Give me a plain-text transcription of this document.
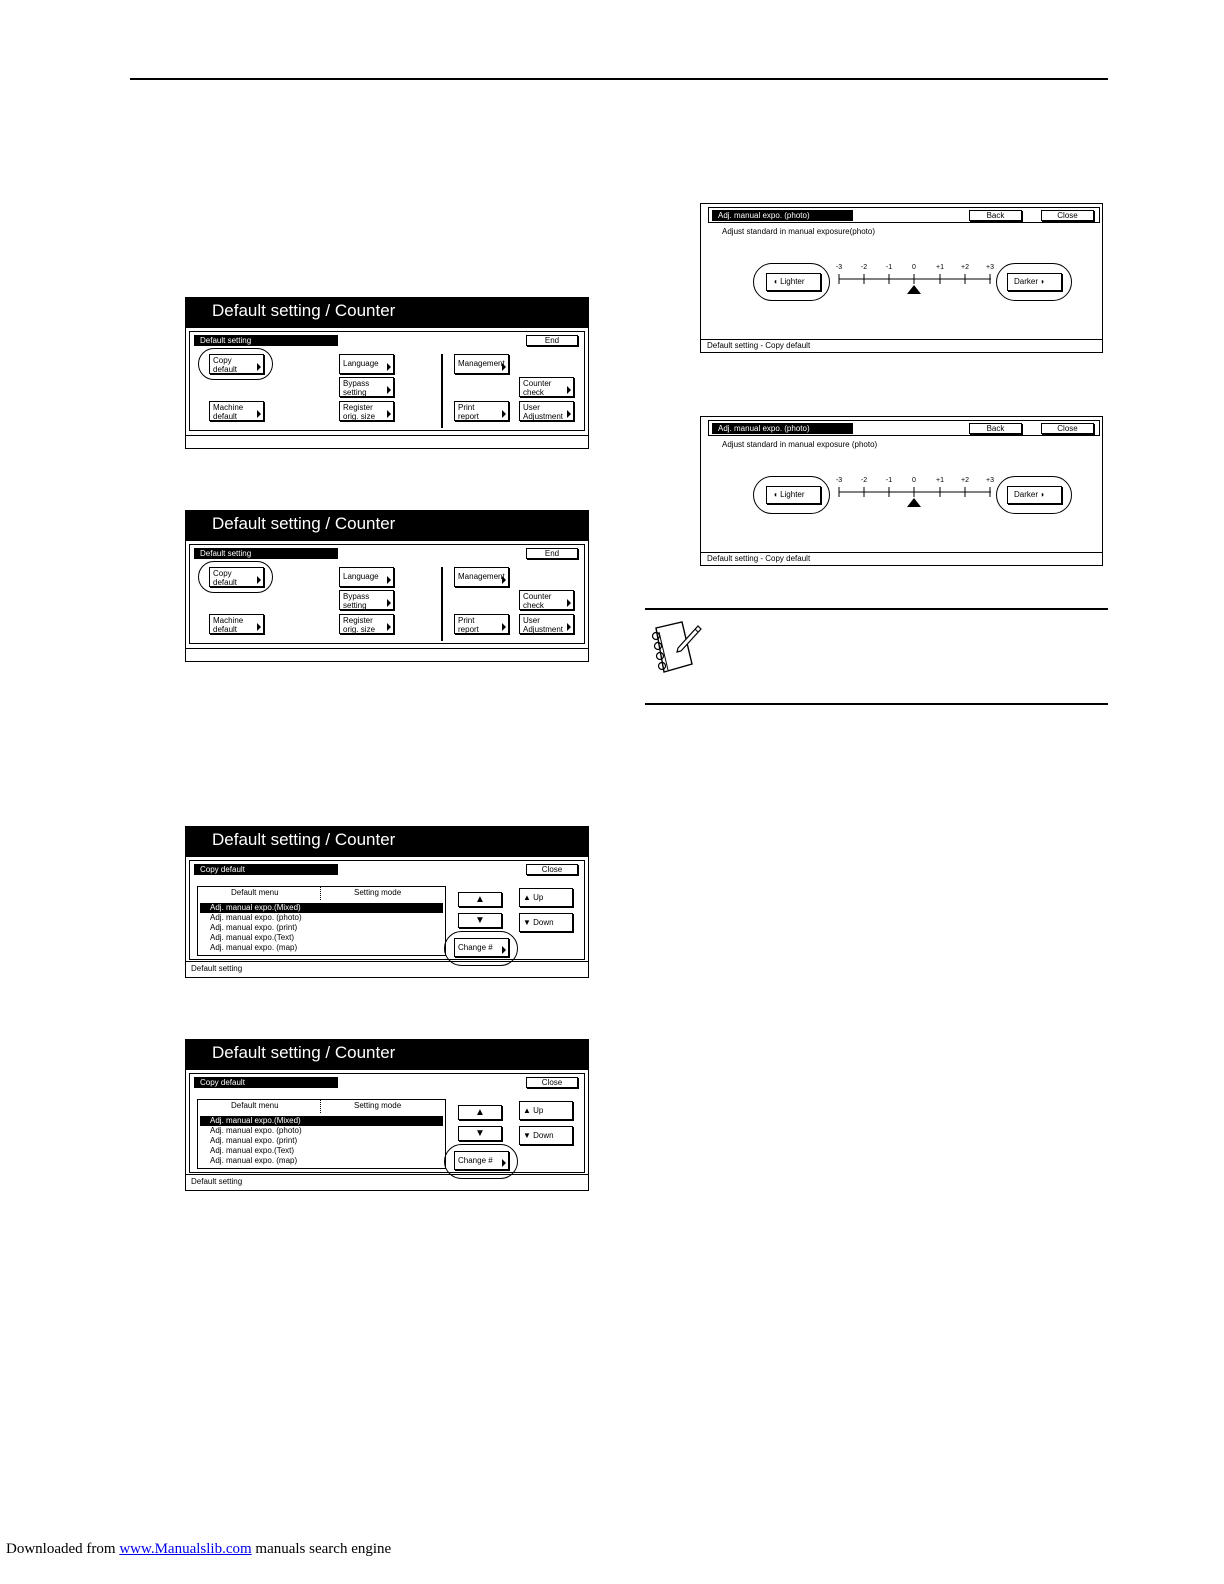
Default setting / Counter
Default setting	End
Copy
default
Machine
default
Language
Bypass
setting
Register
orig. size
Management
Counter
check
Print
report
User
Adjustment
Default setting / Counter
Default setting	End
Copy
default
Machine
default
Language
Bypass
setting
Register
orig. size
Management
Counter
check
Print
report
User
Adjustment
Default setting / Counter
Copy default	Close
Default menu	Setting mode
Adj. manual expo.(Mixed)
Adj. manual expo. (photo)
Adj. manual expo. (print)
Adj. manual expo.(Text)
Adj. manual expo. (map)
▲
▼
▲ Up
▼ Down
Change #
Default setting
Default setting / Counter
Copy default	Close
Default menu	Setting mode
Adj. manual expo.(Mixed)
Adj. manual expo. (photo)
Adj. manual expo. (print)
Adj. manual expo.(Text)
Adj. manual expo. (map)
▲
▼
▲ Up
▼ Down
Change #
Default setting
Adj. manual expo. (photo)	Back	Close
Adjust standard in manual exposure(photo)
◖ Lighter	Darker ◗
-3	-2	-1	0	+1	+2	+3
Default setting - Copy default
Adj. manual expo. (photo)	Back	Close
Adjust standard in manual exposure (photo)
◖ Lighter	Darker ◗
-3	-2	-1	0	+1	+2	+3
Default setting - Copy default
Downloaded from www.Manualslib.com manuals search engine
